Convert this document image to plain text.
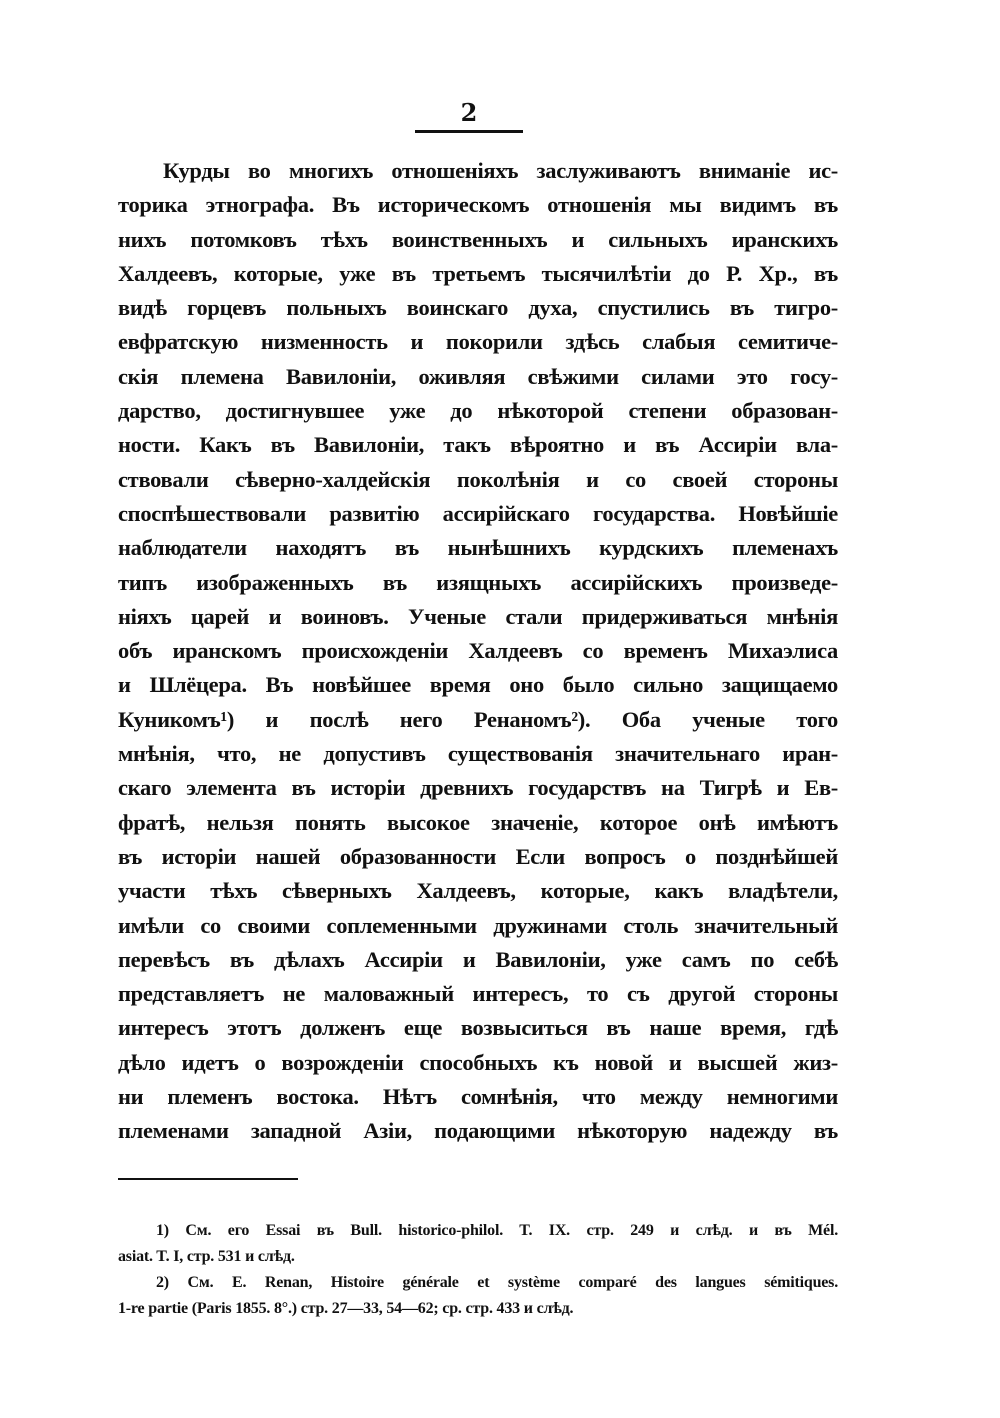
2
Курды во многихъ отношеніяхъ заслуживаютъ вниманіе ис-
торика этнографа. Въ историческомъ отношенія мы видимъ въ
нихъ потомковъ тѣхъ воинственныхъ и сильныхъ иранскихъ
Халдеевъ, которые, уже въ третьемъ тысячилѣтіи до Р. Хр., въ
видѣ горцевъ польныхъ воинскаго духа, спустились въ тигро-
евфратскую низменность и покорили здѣсь слабыя семитиче-
скія племена Вавилоніи, оживляя свѣжими силами это госу-
дарство, достигнувшее уже до нѣкоторой степени образован-
ности. Какъ въ Вавилоніи, такъ вѣроятно и въ Ассиріи вла-
ствовали сѣверно-халдейскія поколѣнія и со своей стороны
споспѣшествовали развитію ассирійскаго государства. Новѣйшіе
наблюдатели находятъ въ нынѣшнихъ курдскихъ племенахъ
типъ изображенныхъ въ изящныхъ ассирійскихъ произведе-
ніяхъ царей и воиновъ. Ученые стали придерживаться мнѣнія
объ иранскомъ происхожденіи Халдеевъ со временъ Михаэлиса
и Шлёцера. Въ новѣйшее время оно было сильно защищаемо
Куникомъ¹) и послѣ него Ренаномъ²). Оба ученые того
мнѣнія, что, не допустивъ существованія значительнаго иран-
скаго элемента въ исторіи древнихъ государствъ на Тигрѣ и Ев-
фратѣ, нельзя понять высокое значеніе, которое онѣ имѣютъ
въ исторіи нашей образованности Если вопросъ о позднѣйшей
участи тѣхъ сѣверныхъ Халдеевъ, которые, какъ владѣтели,
имѣли со своими соплеменными дружинами столь значительный
перевѣсъ въ дѣлахъ Ассиріи и Вавилоніи, уже самъ по себѣ
представляетъ не маловажный интересъ, то съ другой стороны
интересъ этотъ долженъ еще возвыситься въ наше время, гдѣ
дѣло идетъ о возрожденіи способныхъ къ новой и высшей жиз-
ни племенъ востока. Нѣтъ сомнѣнія, что между немногими
племенами западной Азіи, подающими нѣкоторую надежду въ
1) См. его Essai въ Bull. historico-philol. T. IX. стр. 249 и слѣд. и въ Mél.
asiat. T. I, стр. 531 и слѣд.
2) См. E. Renan, Histoire générale et système comparé des langues sémitiques.
1-re partie (Paris 1855. 8°.) стр. 27—33, 54—62; ср. стр. 433 и слѣд.
